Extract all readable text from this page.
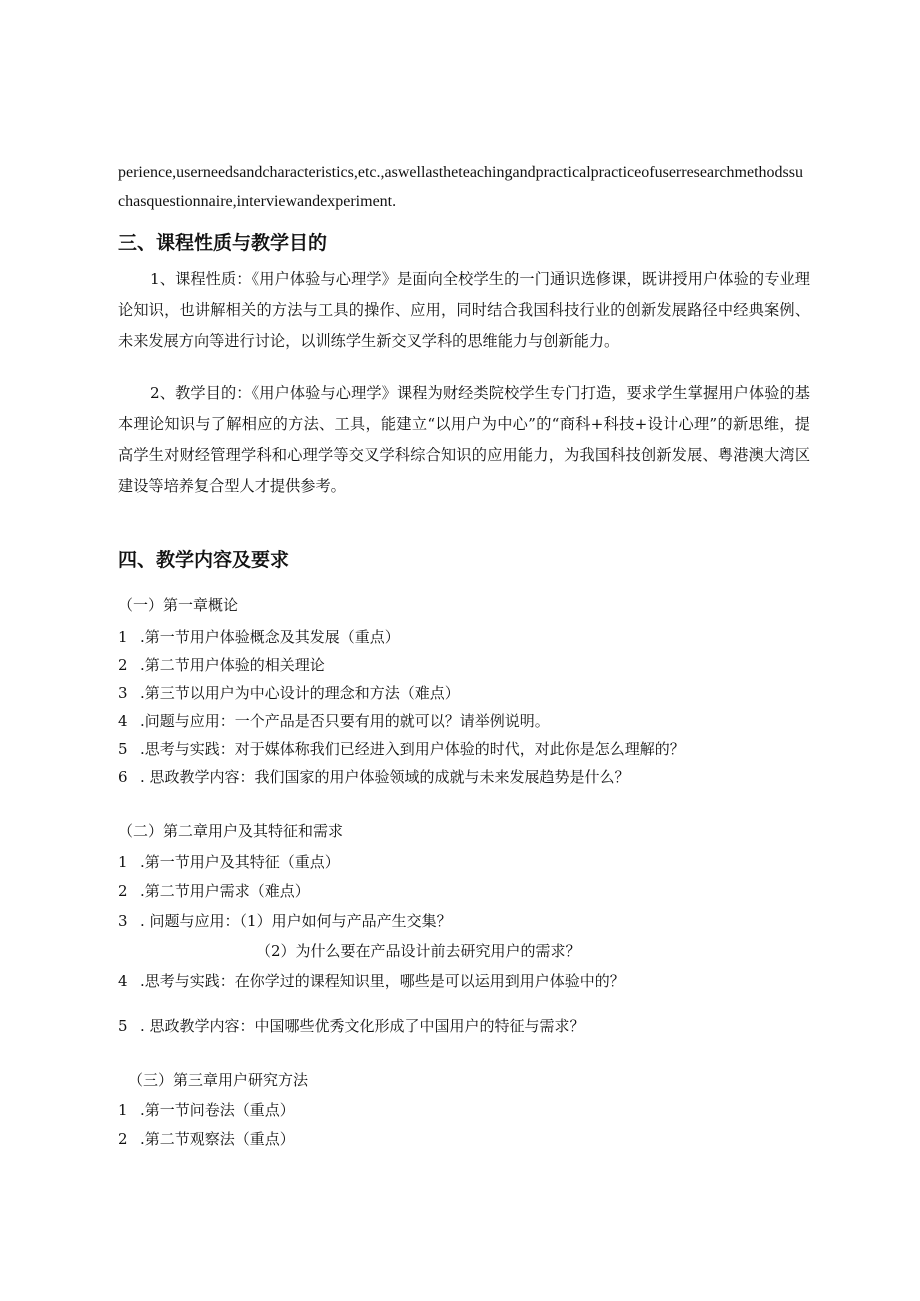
perience,userneedsandcharacteristics,etc.,aswellastheteachingandpracticalpracticeofuserresearchmethodssuchasquestionnaire,interviewandexperiment.
三、课程性质与教学目的
1、课程性质：《用户体验与心理学》是面向全校学生的一门通识选修课，既讲授用户体验的专业理论知识，也讲解相关的方法与工具的操作、应用，同时结合我国科技行业的创新发展路径中经典案例、未来发展方向等进行讨论，以训练学生新交叉学科的思维能力与创新能力。
2、教学目的：《用户体验与心理学》课程为财经类院校学生专门打造，要求学生掌握用户体验的基本理论知识与了解相应的方法、工具，能建立“以用户为中心”的“商科+科技+设计心理”的新思维，提高学生对财经管理学科和心理学等交叉学科综合知识的应用能力，为我国科技创新发展、粤港澳大湾区建设等培养复合型人才提供参考。
四、教学内容及要求
（一）第一章概论
1 .第一节用户体验概念及其发展（重点）
2 .第二节用户体验的相关理论
3 .第三节以用户为中心设计的理念和方法（难点）
4 .问题与应用：一个产品是否只要有用的就可以？请举例说明。
5 .思考与实践：对于媒体称我们已经进入到用户体验的时代，对此你是怎么理解的？
6 . 思政教学内容：我们国家的用户体验领域的成就与未来发展趋势是什么？
（二）第二章用户及其特征和需求
1 .第一节用户及其特征（重点）
2 .第二节用户需求（难点）
3 . 问题与应用：（1）用户如何与产品产生交集？
（2）为什么要在产品设计前去研究用户的需求？
4 .思考与实践：在你学过的课程知识里，哪些是可以运用到用户体验中的？
5 . 思政教学内容：中国哪些优秀文化形成了中国用户的特征与需求？
（三）第三章用户研究方法
1 .第一节问卷法（重点）
2 .第二节观察法（重点）
